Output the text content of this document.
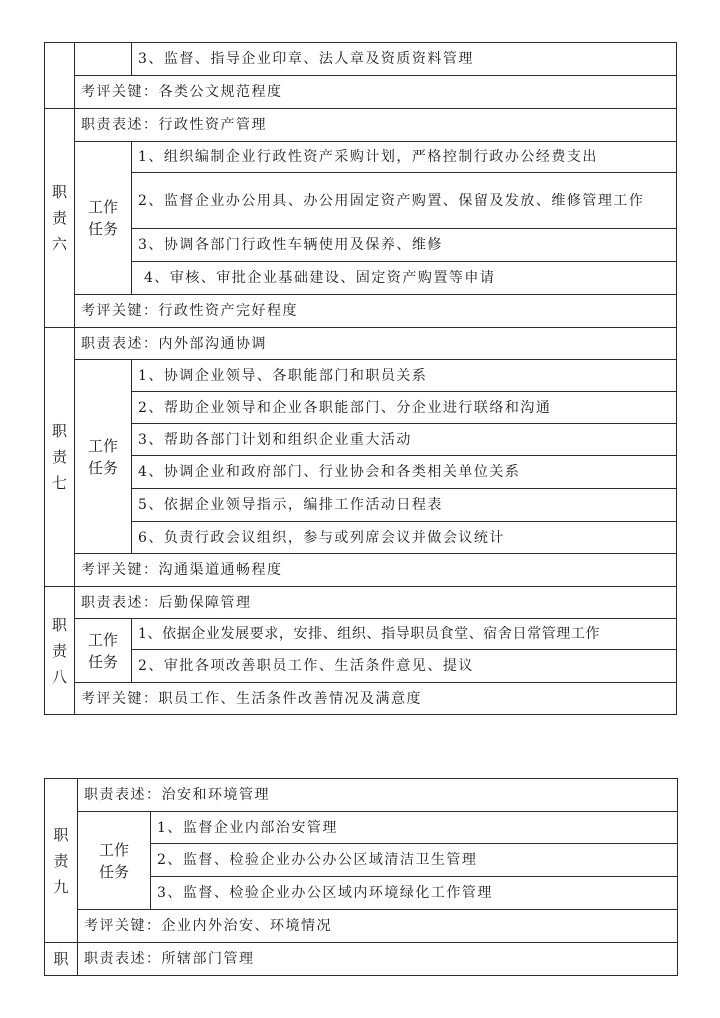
		3、监督、指导企业印章、法人章及资质资料管理
	考评关键：各类公文规范程度	
职责六	职责表述：行政性资产管理	
	工作任务	1、组织编制企业行政性资产采购计划，严格控制行政办公经费支出
		2、监督企业办公用具、办公用固定资产购置、保留及发放、维修管理工作
		3、协调各部门行政性车辆使用及保养、维修
		4、审核、审批企业基础建设、固定资产购置等申请
	考评关键：行政性资产完好程度	
职责七	职责表述：内外部沟通协调	
	工作任务	1、协调企业领导、各职能部门和职员关系
		2、帮助企业领导和企业各职能部门、分企业进行联络和沟通
		3、帮助各部门计划和组织企业重大活动
		4、协调企业和政府部门、行业协会和各类相关单位关系
		5、依据企业领导指示，编排工作活动日程表
		6、负责行政会议组织，参与或列席会议并做会议统计
	考评关键：沟通渠道通畅程度	
职责八	职责表述：后勤保障管理	
	工作任务	1、依据企业发展要求，安排、组织、指导职员食堂、宿舍日常管理工作
		2、审批各项改善职员工作、生活条件意见、提议
	考评关键：职员工作、生活条件改善情况及满意度	
职责九	职责表述：治安和环境管理	
	工作任务	1、监督企业内部治安管理
		2、监督、检验企业办公办公区域清洁卫生管理
		3、监督、检验企业办公区域内环境绿化工作管理
	考评关键：企业内外治安、环境情况	
职	职责表述：所辖部门管理	
